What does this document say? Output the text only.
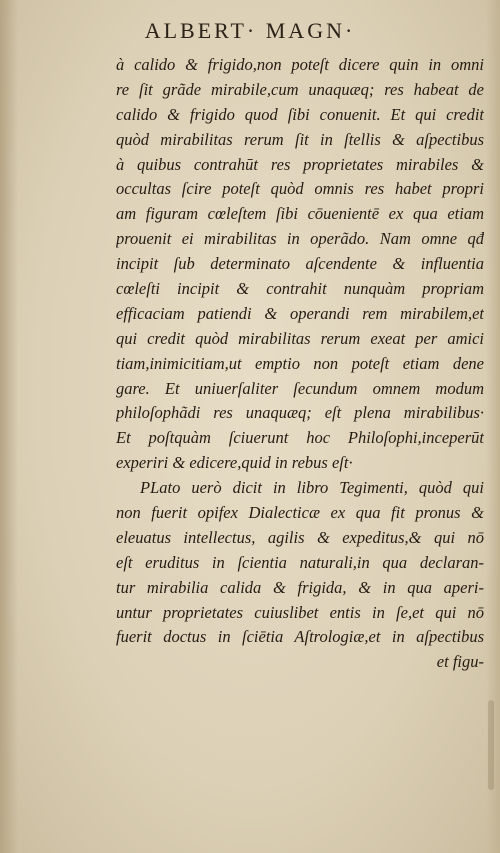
ALBERT· MAGN·
à calido & frigido,non poteſt dicere quin in omni
re ſit grãde mirabile,cum unaquæq; res habeat de
calido & frigido quod ſibi conuenit. Et qui credit
quòd mirabilitas rerum ſit in ſtellis & aſpectibus
à quibus contrahūt res proprietates mirabiles &
occultas ſcire poteſt quòd omnis res habet propri
am figuram cœleſtem ſibi cōuenientē ex qua etiam
prouenit ei mirabilitas in operãdo. Nam omne qđ
incipit ſub determinato aſcendente & influentia
cœleſti incipit & contrahit nunquàm propriam
efficaciam patiendi & operandi rem mirabilem,et
qui credit quòd mirabilitas rerum exeat per amici
tiam,inimicitiam,ut emptio non poteſt etiam dene
gare. Et uniuerſaliter ſecundum omnem modum
philoſophãdi res unaquæq; eſt plena mirabilibus·
Et poſtquàm ſciuerunt hoc Philoſophi,inceperūt
experiri & edicere,quid in rebus eſt·
PLato uerò dicit in libro Tegimenti, quòd qui
non fuerit opifex Dialecticæ ex qua fit pronus &
eleuatus intellectus, agilis & expeditus,& qui nō
eſt eruditus in ſcientia naturali,in qua declaran‑
tur mirabilia calida & frigida, & in qua aperi‑
untur proprietates cuiuslibet entis in ſe,et qui nō
fuerit doctus in ſciētia Aſtrologiæ,et in aſpectibus
et figu‑
